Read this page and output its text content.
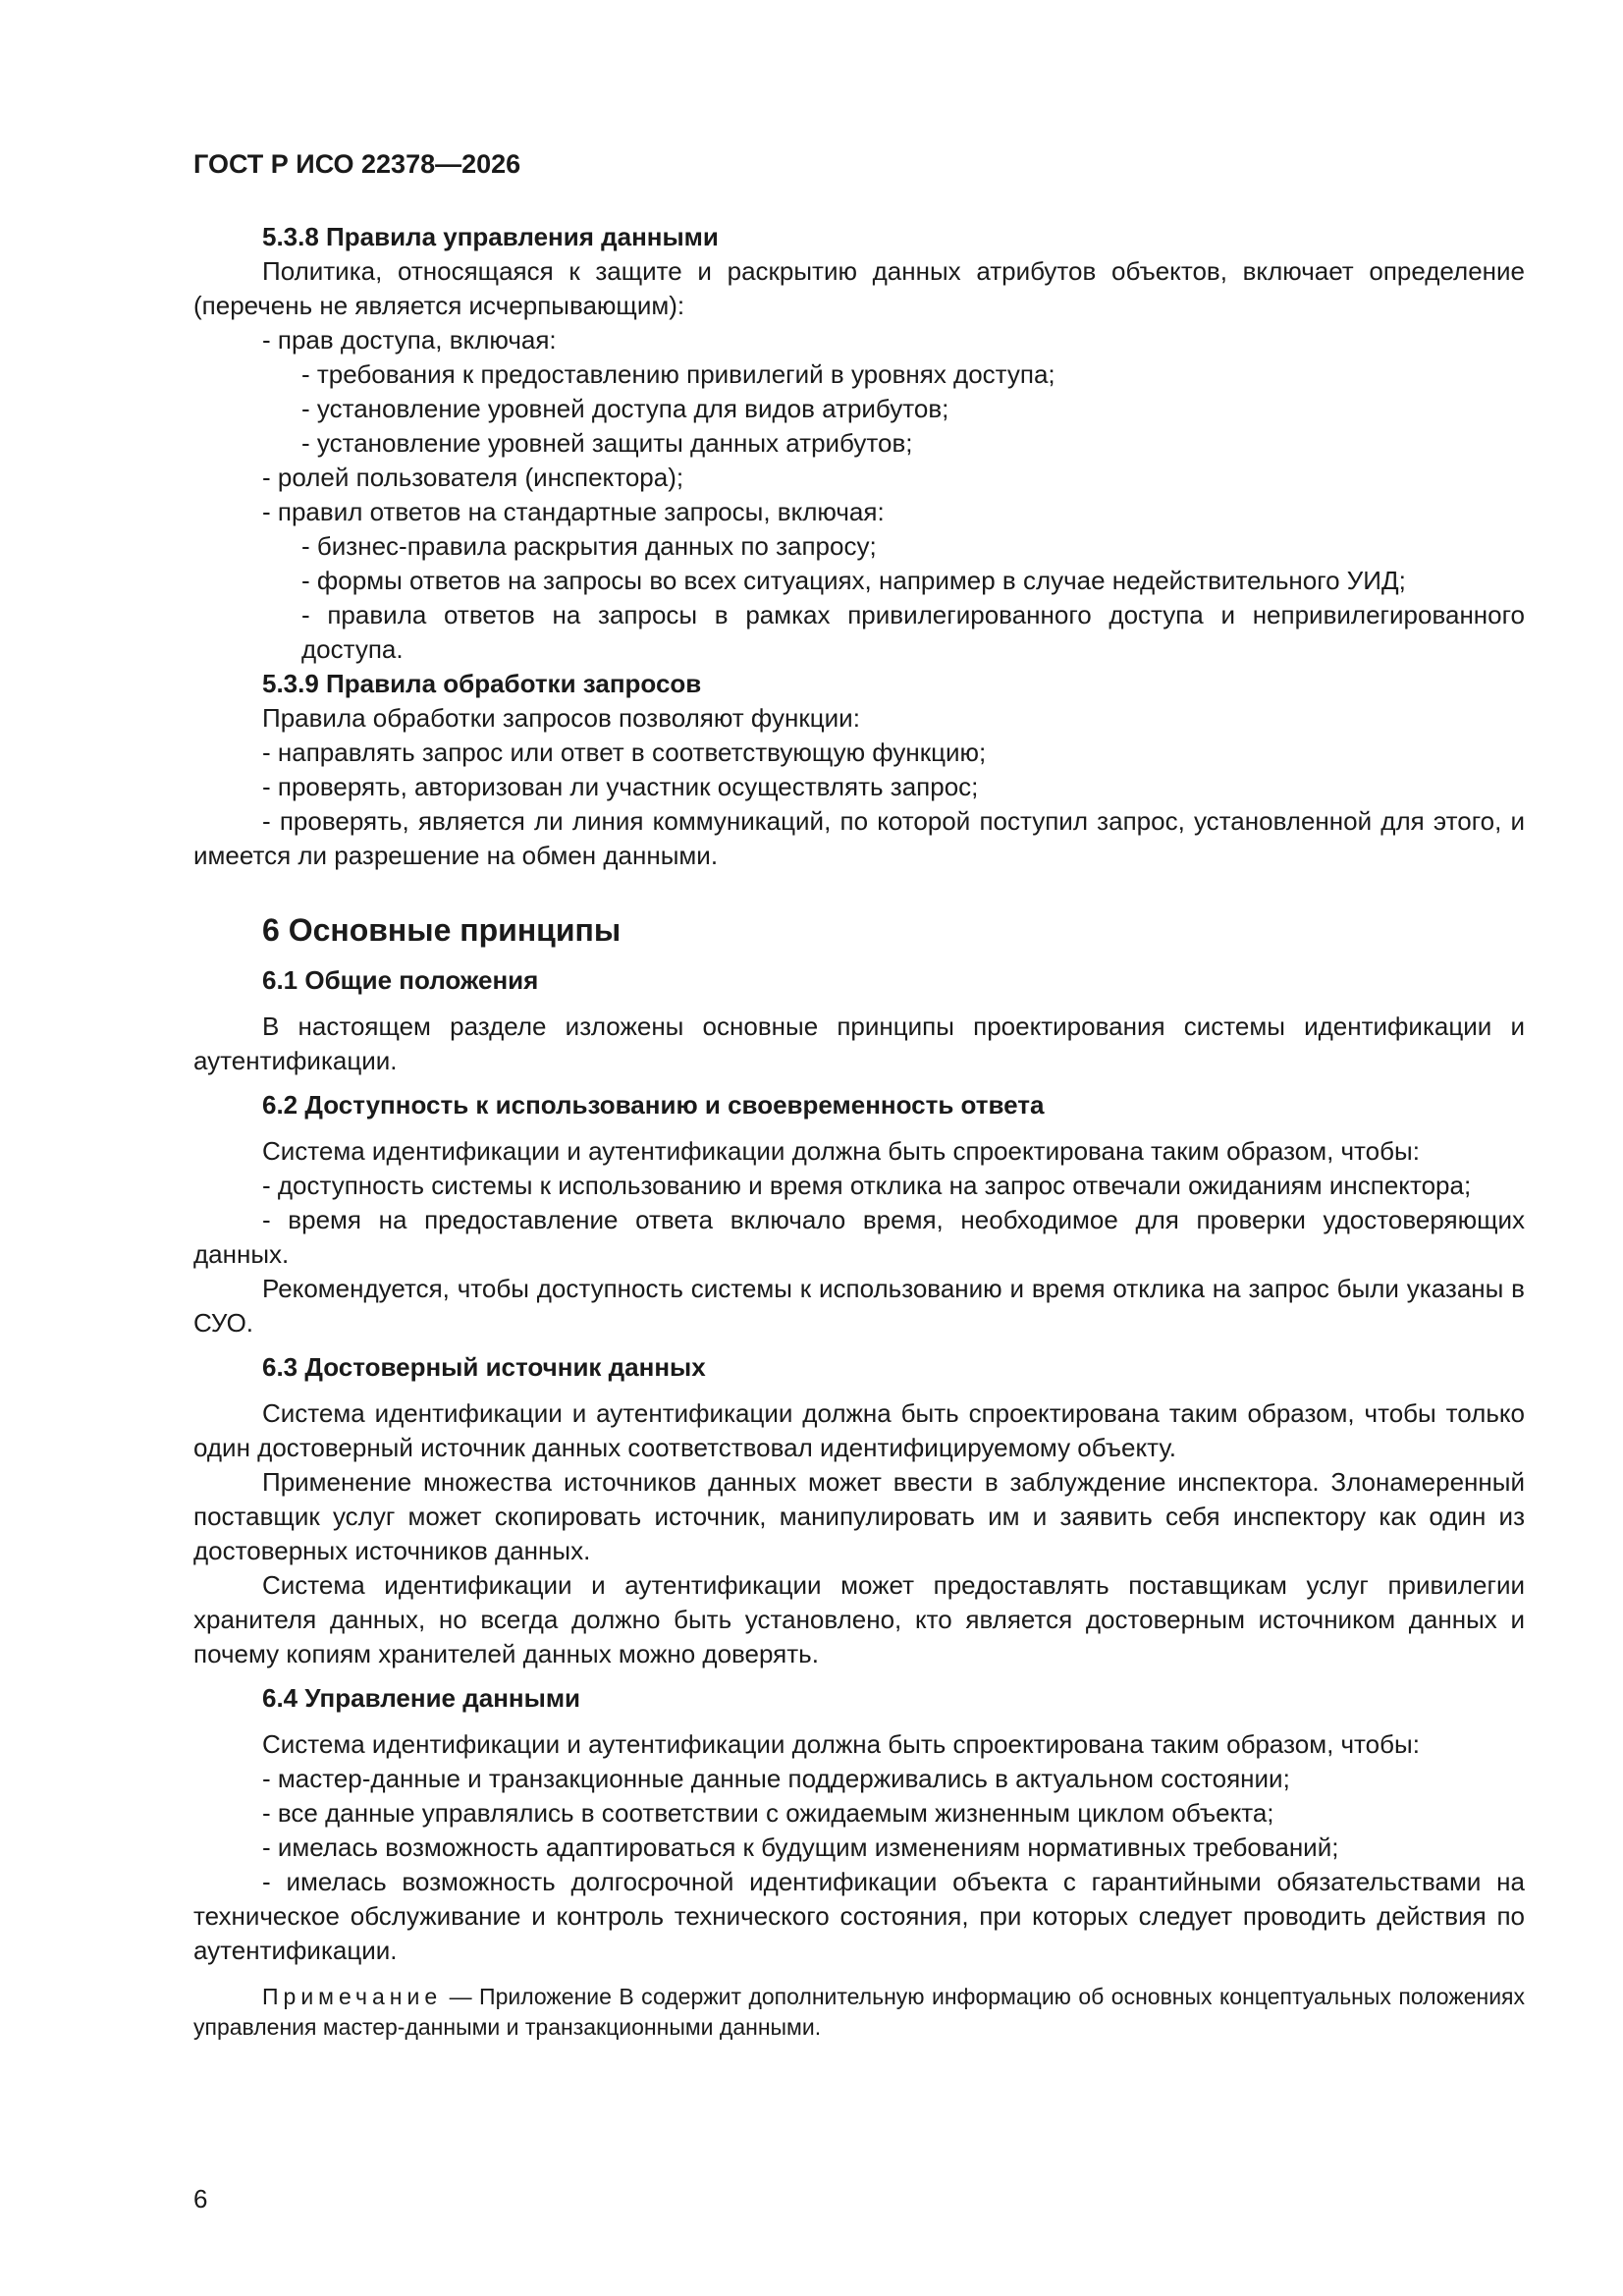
ГОСТ Р ИСО 22378—2026

5.3.8 Правила управления данными

Политика, относящаяся к защите и раскрытию данных атрибутов объектов, включает определение (перечень не является исчерпывающим):

- прав доступа, включая:

- требования к предоставлению привилегий в уровнях доступа;

- установление уровней доступа для видов атрибутов;

- установление уровней защиты данных атрибутов;

- ролей пользователя (инспектора);

- правил ответов на стандартные запросы, включая:

- бизнес-правила раскрытия данных по запросу;

- формы ответов на запросы во всех ситуациях, например в случае недействительного УИД;

- правила ответов на запросы в рамках привилегированного доступа и непривилегированного доступа.

5.3.9 Правила обработки запросов

Правила обработки запросов позволяют функции:

- направлять запрос или ответ в соответствующую функцию;

- проверять, авторизован ли участник осуществлять запрос;

- проверять, является ли линия коммуникаций, по которой поступил запрос, установленной для этого, и имеется ли разрешение на обмен данными.

6 Основные принципы
6.1 Общие положения

В настоящем разделе изложены основные принципы проектирования системы идентификации и аутентификации.

6.2 Доступность к использованию и своевременность ответа

Система идентификации и аутентификации должна быть спроектирована таким образом, чтобы:

- доступность системы к использованию и время отклика на запрос отвечали ожиданиям инспектора;

- время на предоставление ответа включало время, необходимое для проверки удостоверяющих данных.

Рекомендуется, чтобы доступность системы к использованию и время отклика на запрос были указаны в СУО.

6.3 Достоверный источник данных

Система идентификации и аутентификации должна быть спроектирована таким образом, чтобы только один достоверный источник данных соответствовал идентифицируемому объекту.

Применение множества источников данных может ввести в заблуждение инспектора. Злонамеренный поставщик услуг может скопировать источник, манипулировать им и заявить себя инспектору как один из достоверных источников данных.

Система идентификации и аутентификации может предоставлять поставщикам услуг привилегии хранителя данных, но всегда должно быть установлено, кто является достоверным источником данных и почему копиям хранителей данных можно доверять.

6.4 Управление данными

Система идентификации и аутентификации должна быть спроектирована таким образом, чтобы:

- мастер-данные и транзакционные данные поддерживались в актуальном состоянии;

- все данные управлялись в соответствии с ожидаемым жизненным циклом объекта;

- имелась возможность адаптироваться к будущим изменениям нормативных требований;

- имелась возможность долгосрочной идентификации объекта с гарантийными обязательствами на техническое обслуживание и контроль технического состояния, при которых следует проводить действия по аутентификации.

Примечание — Приложение В содержит дополнительную информацию об основных концептуальных положениях управления мастер-данными и транзакционными данными.

6
